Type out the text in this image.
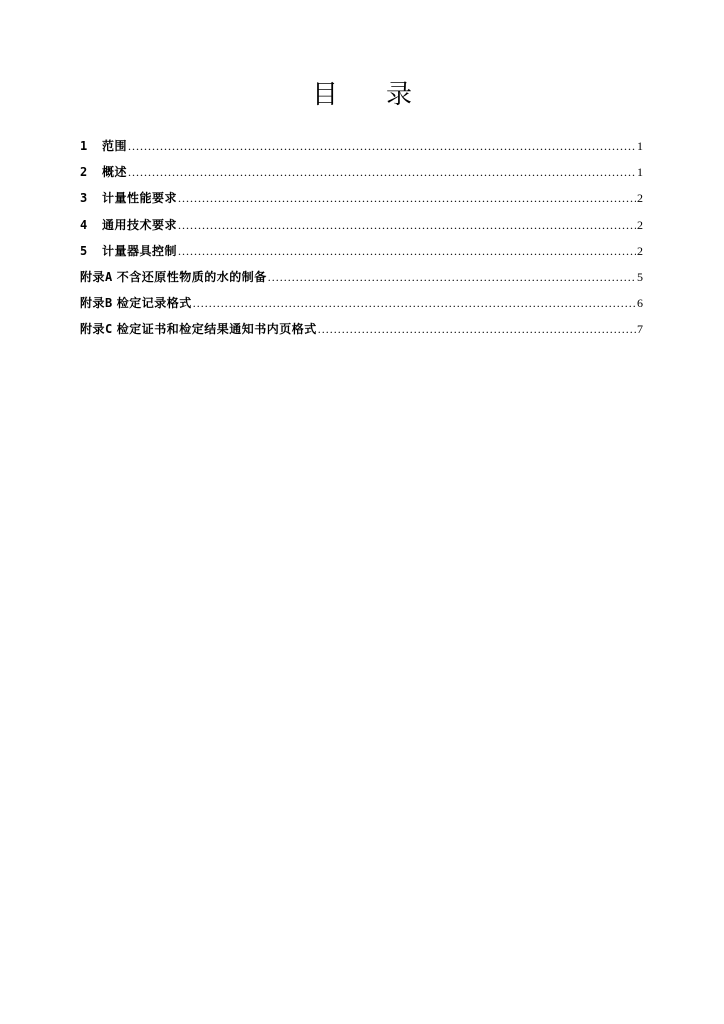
目 录
1	范围 .....	1
2	概述 .....	1
3	计量性能要求 .....	2
4	通用技术要求 .....	2
5	计量器具控制 .....	2
附录A 不含还原性物质的水的制备 .....	5
附录B 检定记录格式 .....	6
附录C 检定证书和检定结果通知书内页格式 .....	7
